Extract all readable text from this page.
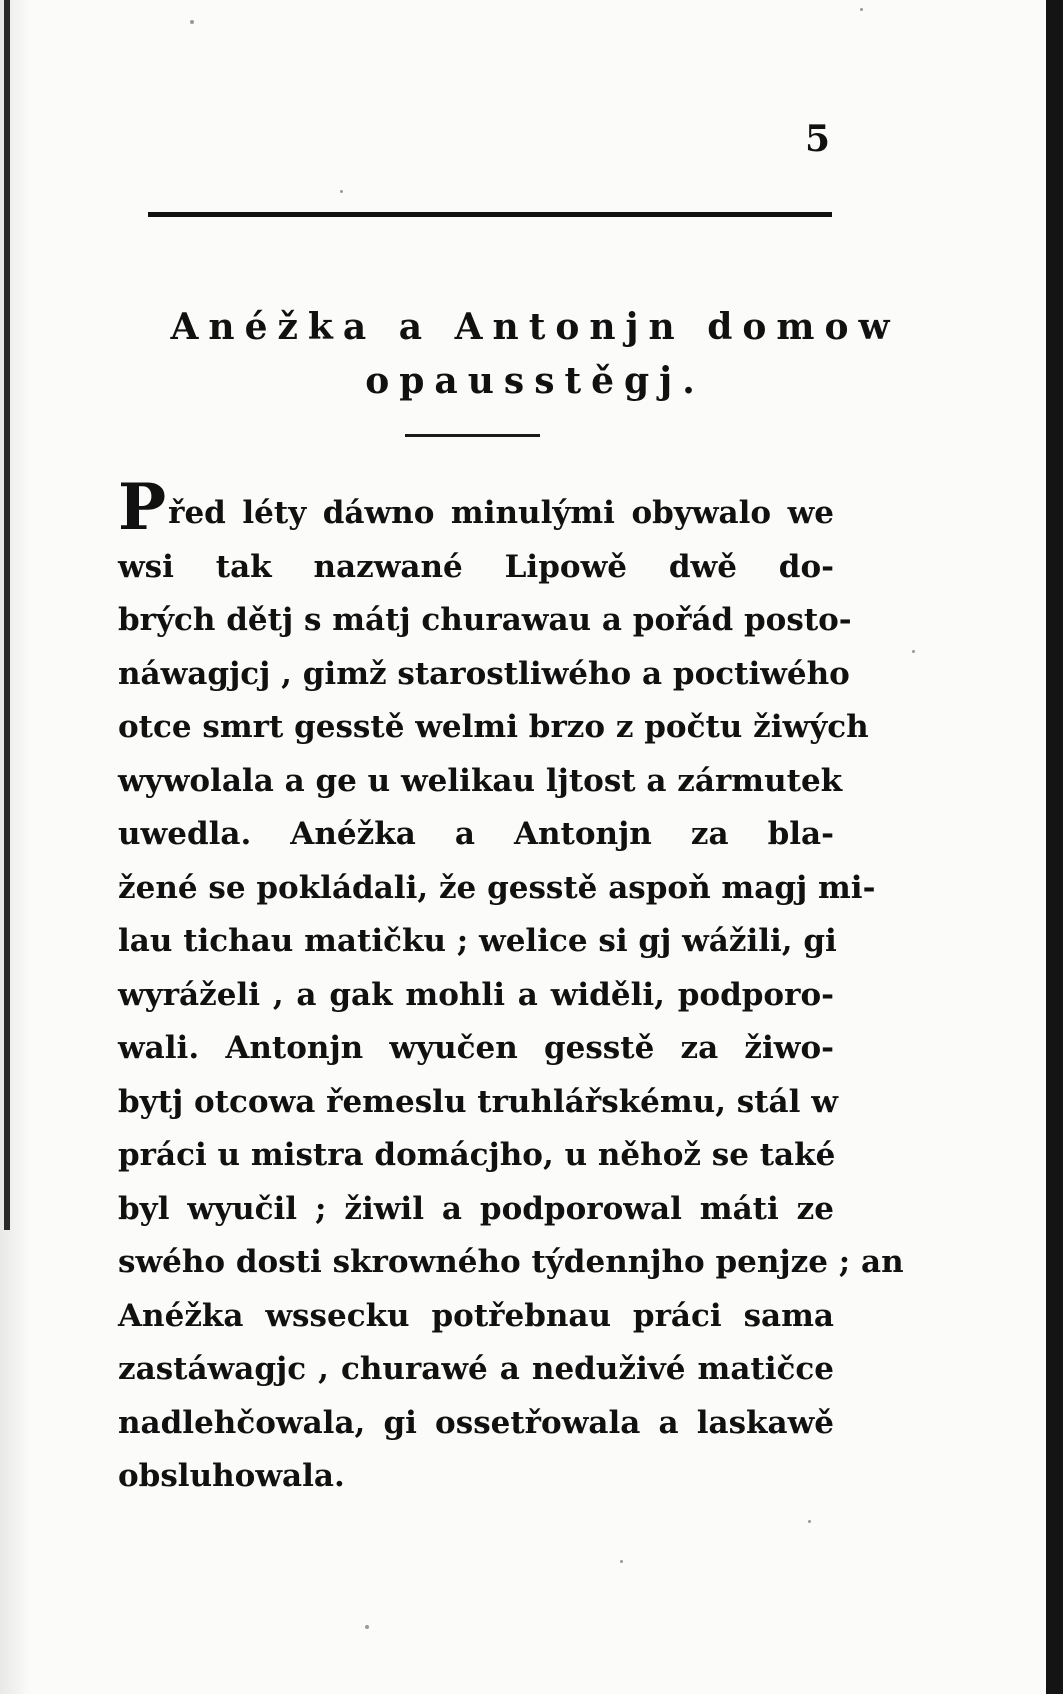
5
Anéžka a Antonjn domow
opausstěgj.
Před léty dáwno minulými obywalo we
wsi tak nazwané Lipowě dwě do-
brých dětj s mátj churawau a pořád posto-
náwagjcj , gimž starostliwého a poctiwého
otce smrt gesstě welmi brzo z počtu žiwých
wywolala a ge u welikau ljtost a zármutek
uwedla. Anéžka a Antonjn za bla-
žené se pokládali, že gesstě aspoň magj mi-
lau tichau matičku ; welice si gj wážili, gi
wyráželi , a gak mohli a widěli, podporo-
wali. Antonjn wyučen gesstě za žiwo-
bytj otcowa řemeslu truhlářskému, stál w
práci u mistra domácjho, u něhož se také
byl wyučil ; žiwil a podporowal máti ze
swého dosti skrowného týdennjho penjze ; an
Anéžka wssecku potřebnau práci sama
zastáwagjc , churawé a neduživé matičce
nadlehčowala, gi ossetřowala a laskawě
obsluhowala.
